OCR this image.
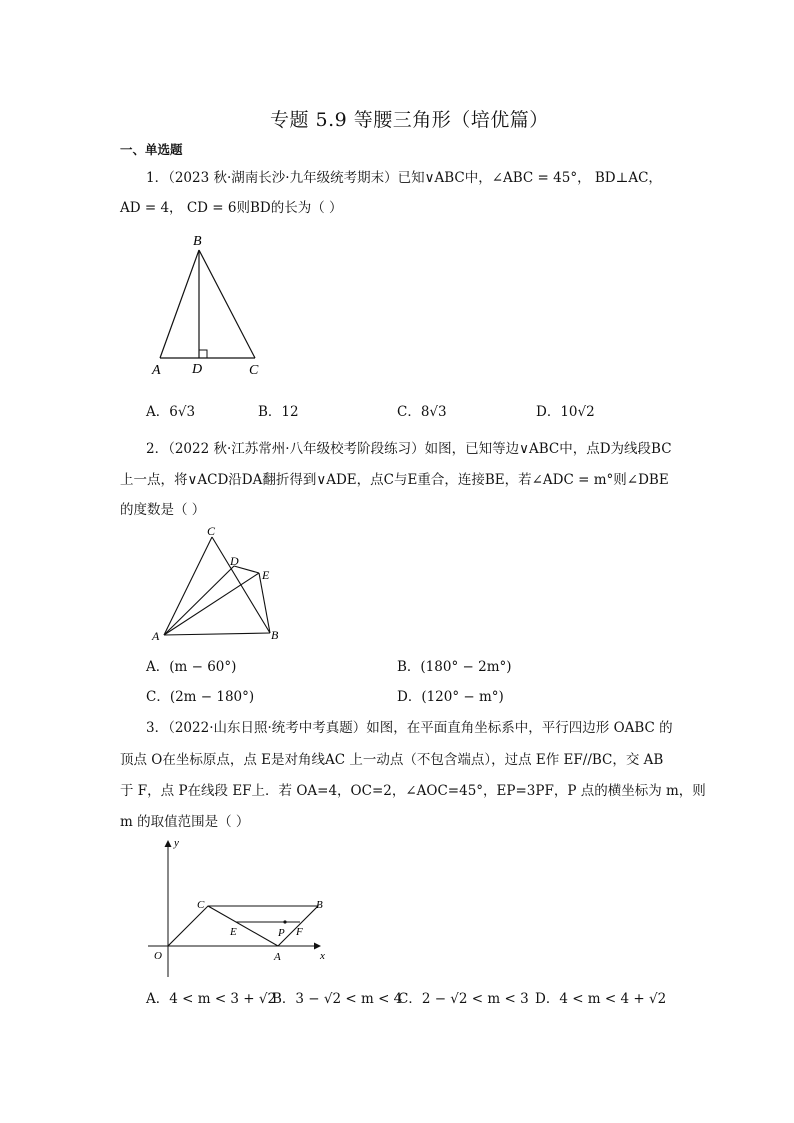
专题 5.9 等腰三角形（培优篇）
一、单选题
1．（2023 秋·湖南长沙·九年级统考期末）已知∨ABC中，∠ABC = 45°， BD⊥AC，
AD = 4， CD = 6则BD的长为（ ）
B
A D	C
A．6√3	B．12	C．8√3	D．10√2
2．（2022 秋·江苏常州·八年级校考阶段练习）如图，已知等边∨ABC中，点D为线段BC
上一点，将∨ACD沿DA翻折得到∨ADE，点C与E重合，连接BE，若∠ADC = m°则∠DBE
的度数是（ ）
C
D
E
A	B
A．(m − 60°)	B．(180° − 2m°)
C．(2m − 180°)	D．(120° − m°)
3．（2022·山东日照·统考中考真题）如图，在平面直角坐标系中，平行四边形 OABC 的
顶点 O在坐标原点，点 E是对角线AC 上一动点（不包含端点），过点 E作 EF//BC，交 AB
于 F，点 P在线段 EF上．若 OA=4，OC=2，∠AOC=45°，EP=3PF，P 点的横坐标为 m，则
m 的取值范围是（ ）
y
x
O	A
B
C
E	P F
A．4 < m < 3 + √2
B．3 − √2 < m < 4
C．2 − √2 < m < 3 D．4 < m < 4 + √2
